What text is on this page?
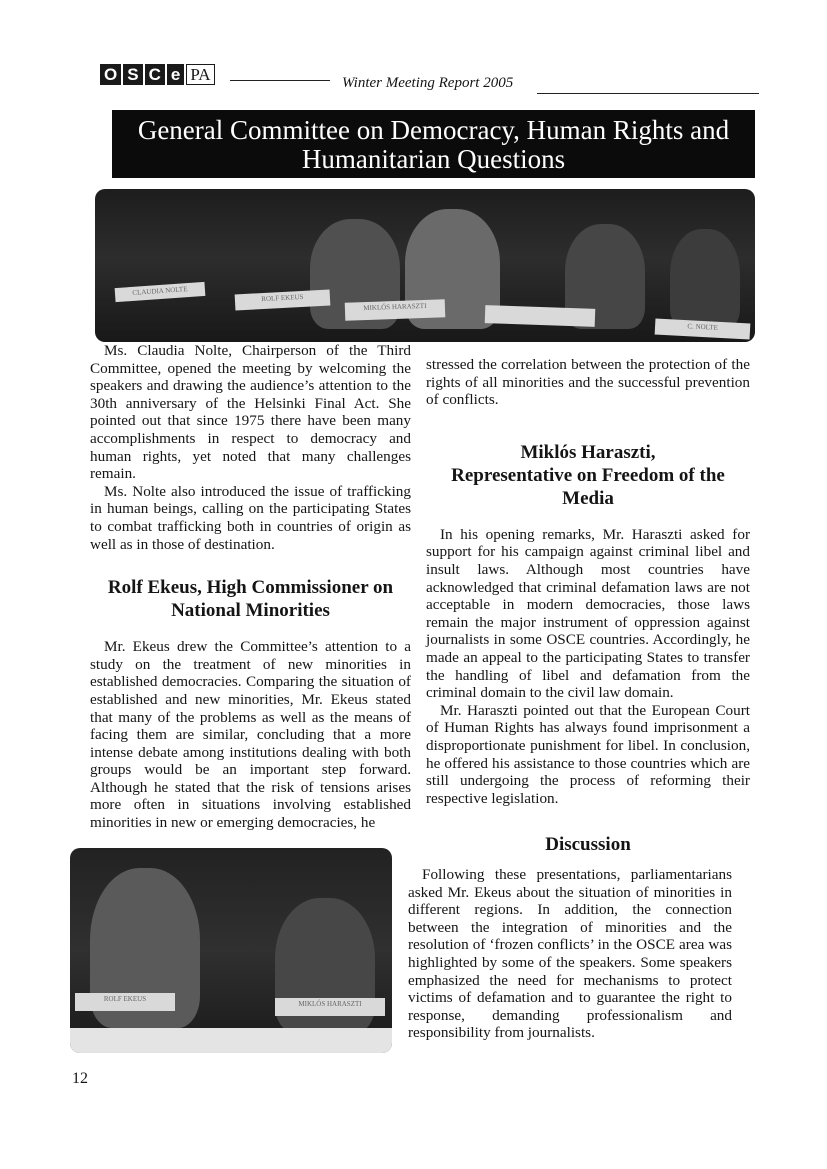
O S C e PA	Winter Meeting Report 2005
General Committee on Democracy, Human Rights and
Humanitarian Questions
CLAUDIA NOLTE
ROLF EKEUS
MIKLÓS HARASZTI
C. NOLTE

Ms. Claudia Nolte, Chairperson of the Third Committee, opened the meeting by welcoming the speakers and drawing the audience’s attention to the 30th anniversary of the Helsinki Final Act. She pointed out that since 1975 there have been many accomplishments in respect to democracy and human rights, yet noted that many challenges remain.

Ms. Nolte also introduced the issue of trafficking in human beings, calling on the participating States to combat trafficking both in countries of origin as well as in those of destination.

Rolf Ekeus, High Commissioner on National Minorities

Mr. Ekeus drew the Committee’s attention to a study on the treatment of new minorities in established democracies. Comparing the situation of established and new minorities, Mr. Ekeus stated that many of the problems as well as the means of facing them are similar, concluding that a more intense debate among institutions dealing with both groups would be an important step forward. Although he stated that the risk of tensions arises more often in situations involving established minorities in new or emerging democracies, he

stressed the correlation between the protection of the rights of all minorities and the successful prevention of conflicts.

Miklós Haraszti,
Representative on Freedom of the Media

In his opening remarks, Mr. Haraszti asked for support for his campaign against criminal libel and insult laws. Although most countries have acknowledged that criminal defamation laws are not acceptable in modern democracies, those laws remain the major instrument of oppression against journalists in some OSCE countries. Accordingly, he made an appeal to the participating States to transfer the handling of libel and defamation from the criminal domain to the civil law domain.

Mr. Haraszti pointed out that the European Court of Human Rights has always found imprisonment a disproportionate punishment for libel. In conclusion, he offered his assistance to those countries which are still undergoing the process of reforming their respective legislation.

Discussion

Following these presentations, parliamentarians asked Mr. Ekeus about the situation of minorities in different regions. In addition, the connection between the integration of minorities and the resolution of ‘frozen conflicts’ in the OSCE area was highlighted by some of the speakers. Some speakers emphasized the need for mechanisms to protect victims of defamation and to guarantee the right to response, demanding professionalism and responsibility from journalists.

ROLF EKEUS
MIKLÓS HARASZTI
12
